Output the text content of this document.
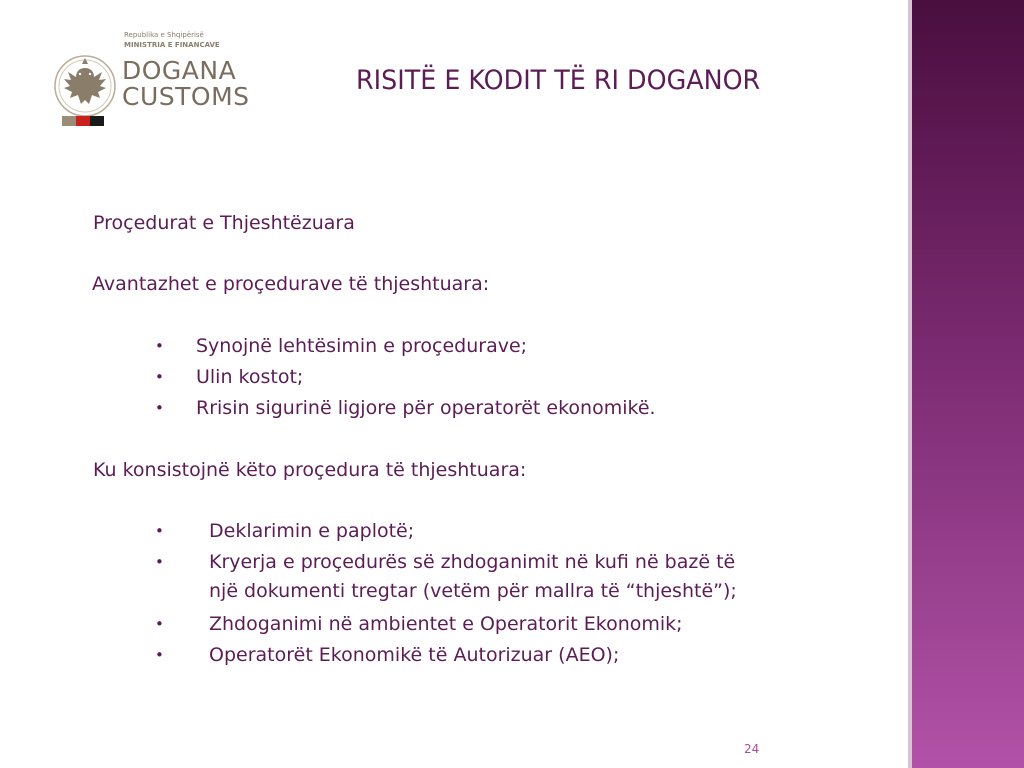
Republika e Shqipërisë
MINISTRIA E FINANCAVE
DOGANA
CUSTOMS
RISITË E KODIT TË RI DOGANOR
Proçedurat e Thjeshtëzuara
Avantazhet e proçedurave të thjeshtuara:
• Synojnë lehtësimin e proçedurave;
• Ulin kostot;
• Rrisin sigurinë ligjore për operatorët ekonomikë.
Ku konsistojnë këto proçedura të thjeshtuara:
• Deklarimin e paplotë;
• Kryerja e proçedurës së zhdoganimit në kufi në bazë të
një dokumenti tregtar (vetëm për mallra të “thjeshtë”);
• Zhdoganimi në ambientet e Operatorit Ekonomik;
• Operatorët Ekonomikë të Autorizuar (AEO);
24
